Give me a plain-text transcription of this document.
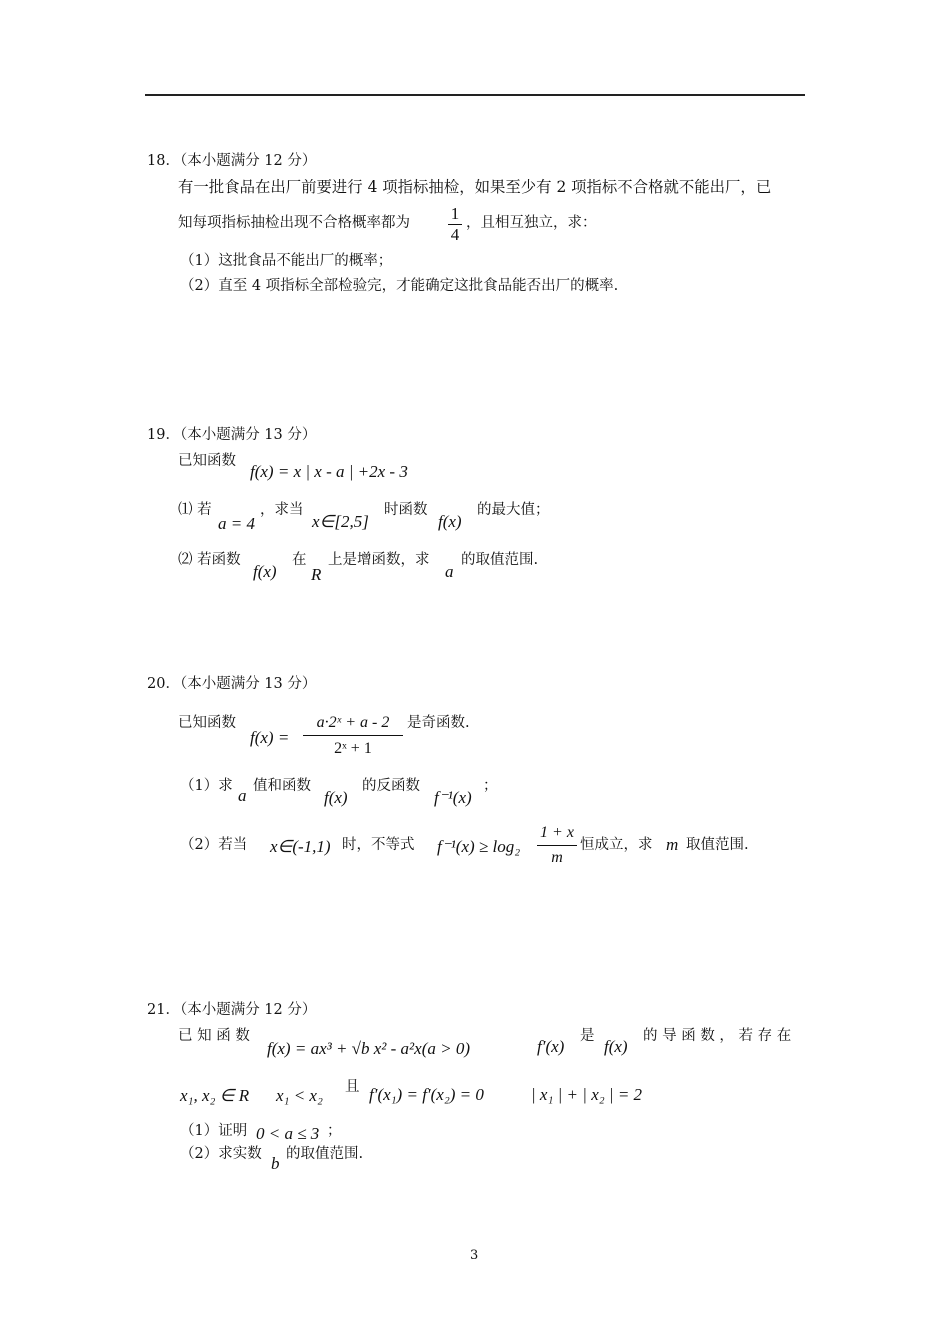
18．（本小题满分 12 分）
有一批食品在出厂前要进行 4 项指标抽检，如果至少有 2 项指标不合格就不能出厂，已
知每项指标抽检出现不合格概率都为 $\frac{1}{4}$ ，且相互独立，求：
（1）这批食品不能出厂的概率；
（2）直至 4 项指标全部检验完，才能确定这批食品能否出厂的概率.
19．（本小题满分 13 分）
已知函数
f(x) = x | x - a | +2x - 3
⑴ 若
a = 4
，求当
x∈[2,5]
时函数
f(x)
的最大值；
⑵ 若函数
f(x)
在
R
上是增函数，求
a
的取值范围.
20．（本小题满分 13 分）
已知函数
$f(x) = \frac{\text{a·2ˣ + a - 2}}{\text{2ˣ + 1}}$ 是奇函数.
（1）求 a 值和函数
f(x)
的反函数
f⁻¹(x)
；
（2）若当 x∈(-1,1) 时，不等式 $f^{-1}(x) \ge \log_2 \frac{1 + x}{m}$ 恒成立，求 m 取值范围.
21．（本小题满分 12 分）
已 知 函 数
f(x) = ax³ + √b x² - a²x(a > 0)	f′(x)
是
f(x)
的 导 函 数 ， 若 存 在
x₁, x₂ ∈ R x₁ < x₂ 且 f′(x₁) = f′(x₂) = 0	| x₁ | + | x₂ | = 2
（1）证明 0 < a ≤ 3 ；
（2）求实数 b 的取值范围.
3
